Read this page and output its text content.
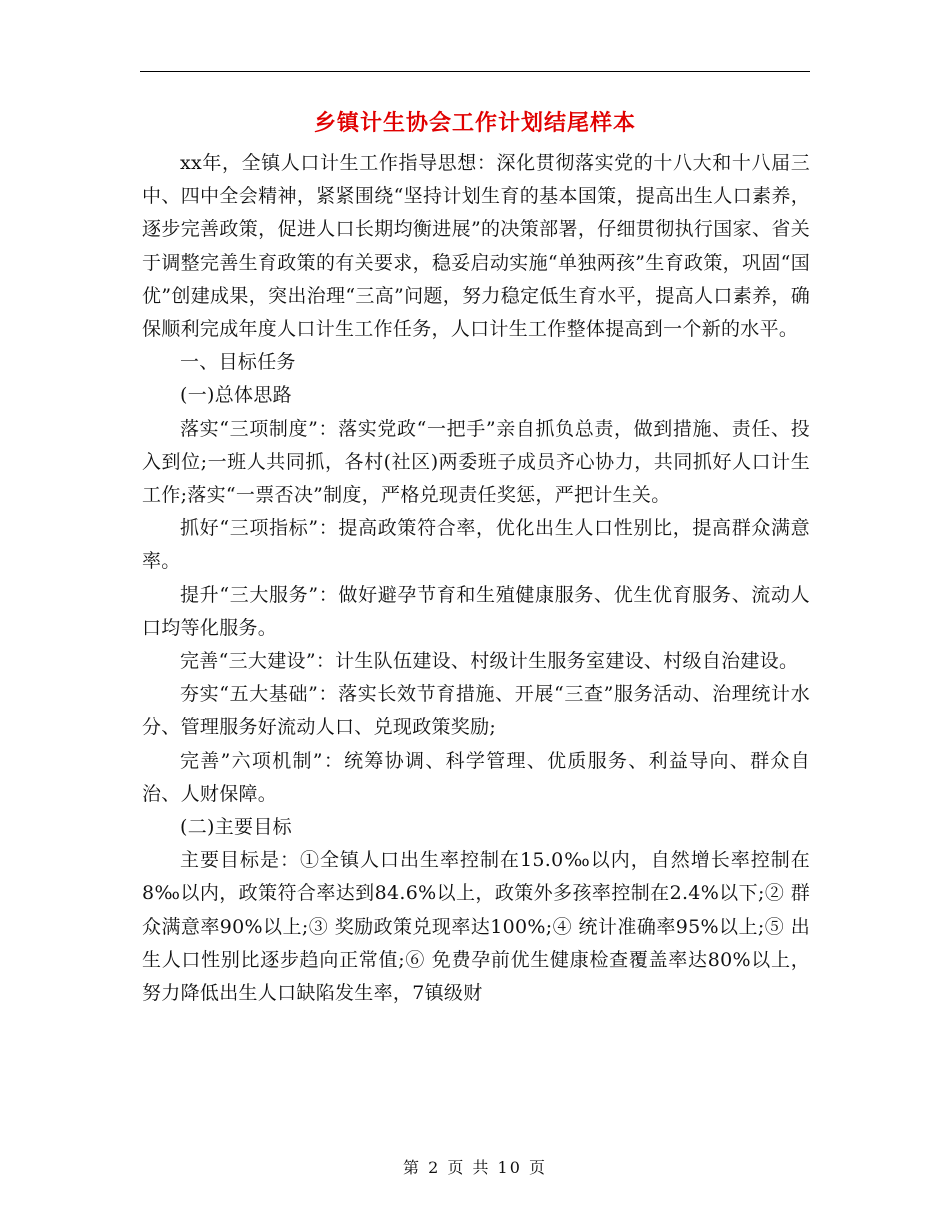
乡镇计生协会工作计划结尾样本

xx年，全镇人口计生工作指导思想：深化贯彻落实党的十八大和十八届三中、四中全会精神，紧紧围绕“坚持计划生育的基本国策，提高出生人口素养，逐步完善政策，促进人口长期均衡进展”的决策部署，仔细贯彻执行国家、省关于调整完善生育政策的有关要求，稳妥启动实施“单独两孩”生育政策，巩固“国优”创建成果，突出治理“三高”问题，努力稳定低生育水平，提高人口素养，确保顺利完成年度人口计生工作任务，人口计生工作整体提高到一个新的水平。

一、目标任务

(一)总体思路

落实“三项制度”：落实党政“一把手”亲自抓负总责，做到措施、责任、投入到位;一班人共同抓，各村(社区)两委班子成员齐心协力，共同抓好人口计生工作;落实“一票否决”制度，严格兑现责任奖惩，严把计生关。

抓好“三项指标”：提高政策符合率，优化出生人口性别比，提高群众满意率。

提升“三大服务”：做好避孕节育和生殖健康服务、优生优育服务、流动人口均等化服务。

完善“三大建设”：计生队伍建设、村级计生服务室建设、村级自治建设。

夯实“五大基础”：落实长效节育措施、开展“三查”服务活动、治理统计水分、管理服务好流动人口、兑现政策奖励;

完善”六项机制”：统筹协调、科学管理、优质服务、利益导向、群众自治、人财保障。

(二)主要目标

主要目标是：①全镇人口出生率控制在15.0‰以内，自然增长率控制在8‰以内，政策符合率达到84.6%以上，政策外多孩率控制在2.4%以下;② 群众满意率90%以上;③ 奖励政策兑现率达100%;④ 统计准确率95%以上;⑤ 出生人口性别比逐步趋向正常值;⑥ 免费孕前优生健康检查覆盖率达80%以上，努力降低出生人口缺陷发生率，7镇级财

第 2 页 共 10 页
